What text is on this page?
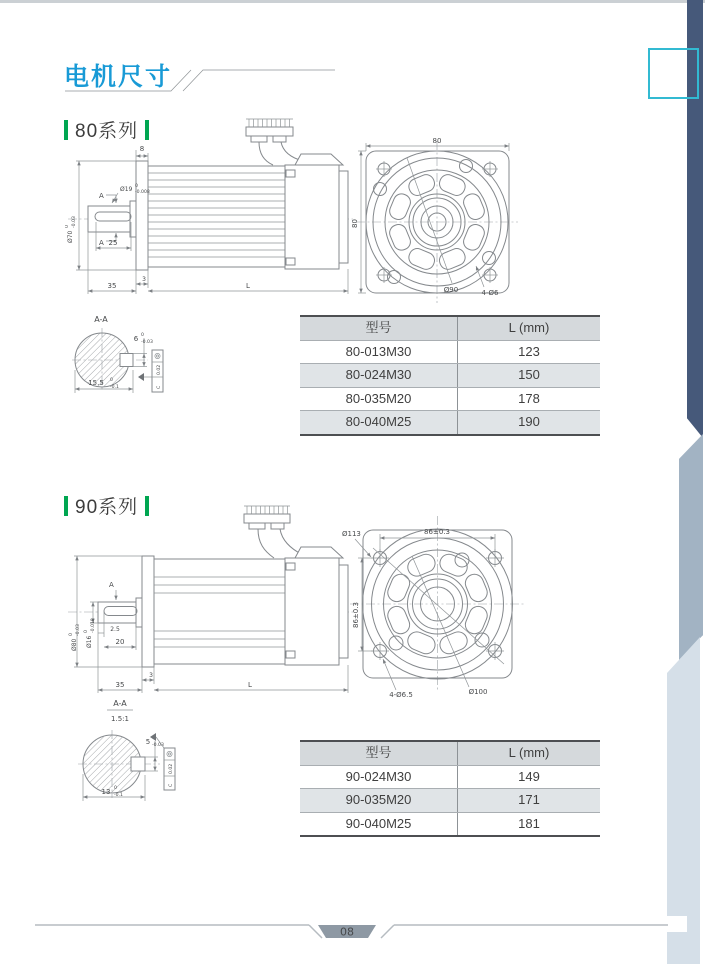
电机尺寸
80系列
Ø70
0 -0.03
8
A
A
Ø19 0
-0.008
25
35
3
L
80
80
Ø90	4-Ø6
A-A
6 0
-0.03
15.5 0
-0.1
0.02
C
型号	L (mm)
80-013M30	123
80-024M30	150
80-035M20	178
80-040M25	190
90系列
A
Ø16
0 -0.018
Ø80
0 -0.03	2.5
20
35
3
L
Ø113	86±0.3
86±0.3
4-Ø6.5	Ø100
A-A
1.5:1
5 -0.03
13 0
-0.1
0.02
C
型号	L (mm)
90-024M30	149
90-035M20	171
90-040M25	181
08
